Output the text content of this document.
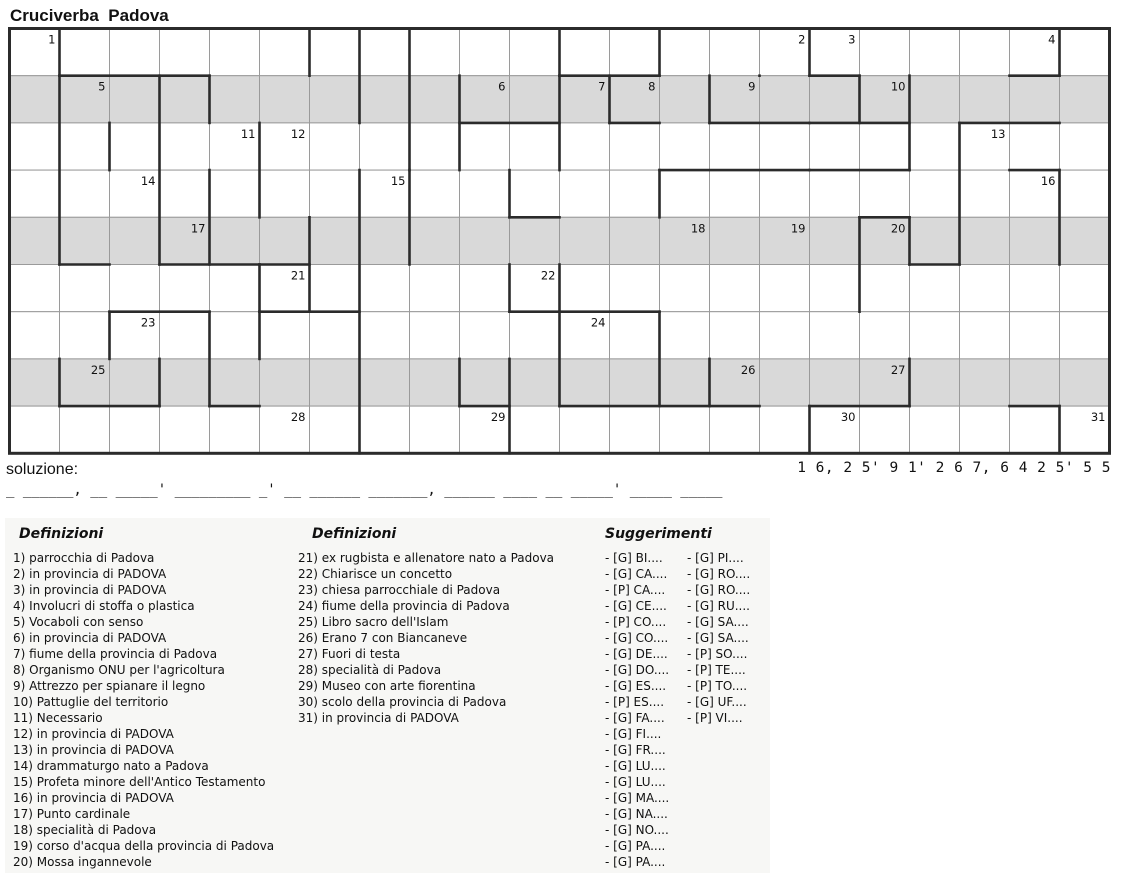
Cruciverba Padova
1	2	3	4
5	6	7	8	9	10
11	12	13
14	15	16
17	18	19	20
21	22
23	24
25	26	27
28	29	30	31
soluzione:	1 6, 2 5' 9 1' 2 6 7, 6 4 2 5' 5 5
_ ______, __ _____' _________ _' __ ______ _______, ______ ____ __ _____' _____ _____
Definizioni
1) parrocchia di Padova
2) in provincia di PADOVA
3) in provincia di PADOVA
4) Involucri di stoffa o plastica
5) Vocaboli con senso
6) in provincia di PADOVA
7) fiume della provincia di Padova
8) Organismo ONU per l'agricoltura
9) Attrezzo per spianare il legno
10) Pattuglie del territorio
11) Necessario
12) in provincia di PADOVA
13) in provincia di PADOVA
14) drammaturgo nato a Padova
15) Profeta minore dell'Antico Testamento
16) in provincia di PADOVA
17) Punto cardinale
18) specialità di Padova
19) corso d'acqua della provincia di Padova
20) Mossa ingannevole
Definizioni
21) ex rugbista e allenatore nato a Padova
22) Chiarisce un concetto
23) chiesa parrocchiale di Padova
24) fiume della provincia di Padova
25) Libro sacro dell'Islam
26) Erano 7 con Biancaneve
27) Fuori di testa
28) specialità di Padova
29) Museo con arte fiorentina
30) scolo della provincia di Padova
31) in provincia di PADOVA
Suggerimenti
- [G] BI....
- [G] CA....
- [P] CA....
- [G] CE....
- [P] CO....
- [G] CO....
- [G] DE....
- [G] DO....
- [G] ES....
- [P] ES....
- [G] FA....
- [G] FI....
- [G] FR....
- [G] LU....
- [G] LU....
- [G] MA....
- [G] NA....
- [G] NO....
- [G] PA....
- [G] PA....
- [G] PI....
- [G] RO....
- [G] RO....
- [G] RU....
- [G] SA....
- [G] SA....
- [P] SO....
- [P] TE....
- [P] TO....
- [G] UF....
- [P] VI....
